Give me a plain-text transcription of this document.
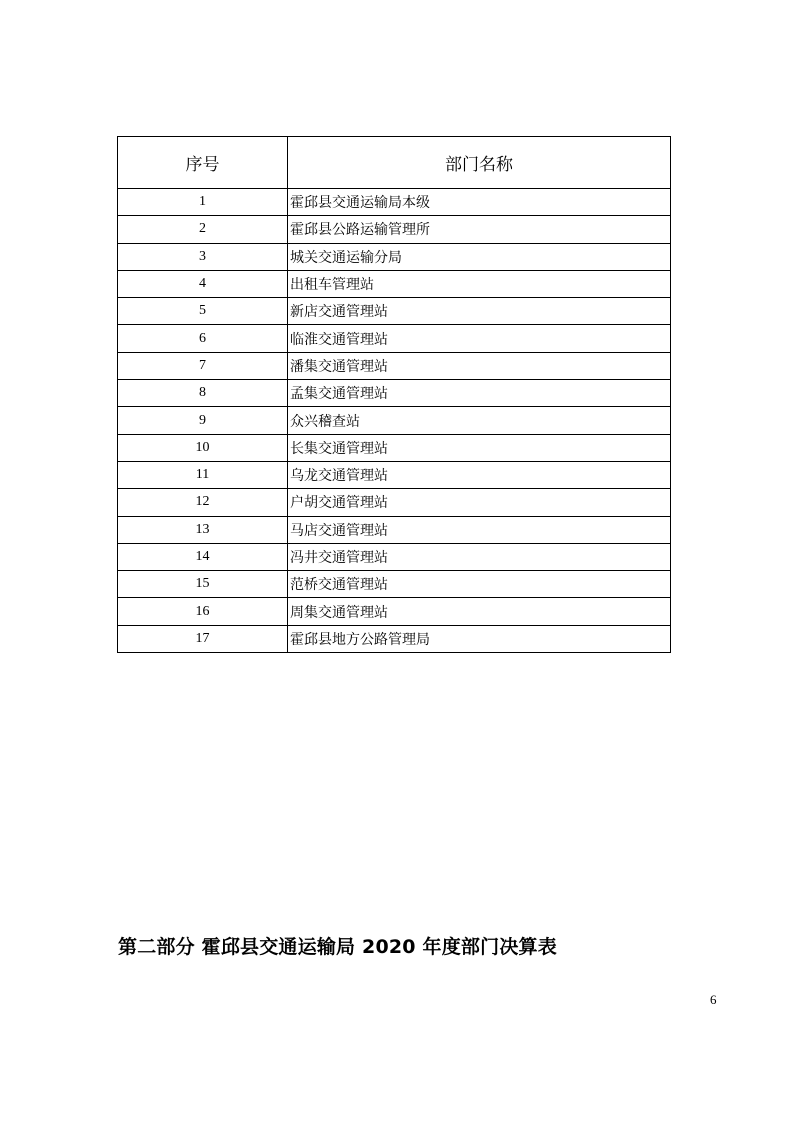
序号	部门名称
1	霍邱县交通运输局本级
2	霍邱县公路运输管理所
3	城关交通运输分局
4	出租车管理站
5	新店交通管理站
6	临淮交通管理站
7	潘集交通管理站
8	孟集交通管理站
9	众兴稽查站
10	长集交通管理站
11	乌龙交通管理站
12	户胡交通管理站
13	马店交通管理站
14	冯井交通管理站
15	范桥交通管理站
16	周集交通管理站
17	霍邱县地方公路管理局
第二部分 霍邱县交通运输局 2020 年度部门决算表
6
